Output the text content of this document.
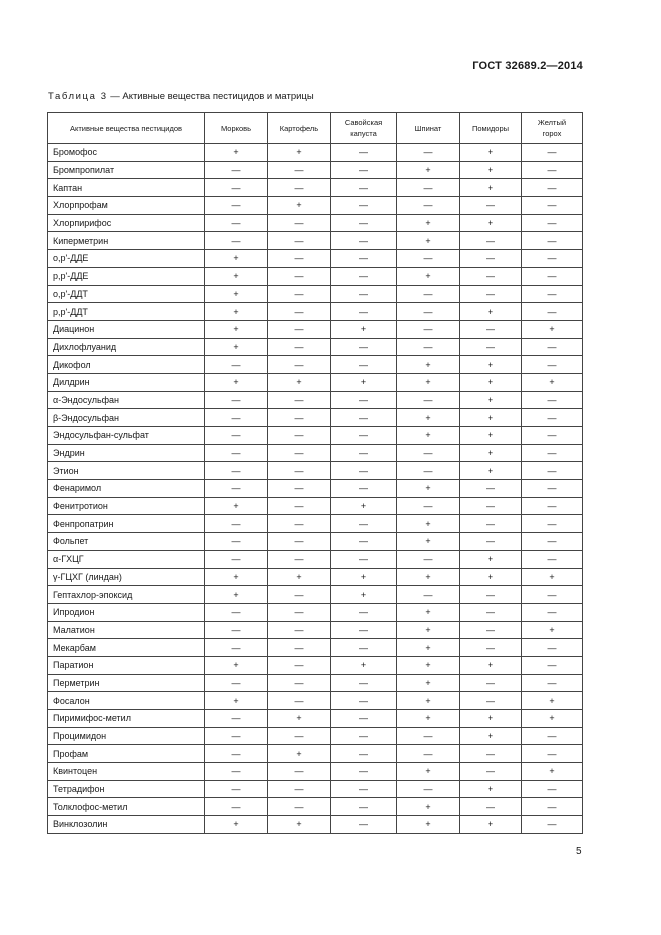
ГОСТ 32689.2—2014
Таблица 3 — Активные вещества пестицидов и матрицы
Активные вещества пестицидов	Морковь	Картофель	Савойская капуста	Шпинат	Помидоры	Желтый горох
Бромофос	+	+	—	—	+	—
Бромпропилат	—	—	—	+	+	—
Каптан	—	—	—	—	+	—
Хлорпрофам	—	+	—	—	—	—
Хлорпирифос	—	—	—	+	+	—
Киперметрин	—	—	—	+	—	—
о,р'-ДДЕ	+	—	—	—	—	—
р,р'-ДДЕ	+	—	—	+	—	—
о,р'-ДДТ	+	—	—	—	—	—
р,р'-ДДТ	+	—	—	—	+	—
Диацинон	+	—	+	—	—	+
Дихлофлуанид	+	—	—	—	—	—
Дикофол	—	—	—	+	+	—
Дилдрин	+	+	+	+	+	+
α-Эндосульфан	—	—	—	—	+	—
β-Эндосульфан	—	—	—	+	+	—
Эндосульфан-сульфат	—	—	—	+	+	—
Эндрин	—	—	—	—	+	—
Этион	—	—	—	—	+	—
Фенаримол	—	—	—	+	—	—
Фенитротион	+	—	+	—	—	—
Фенпропатрин	—	—	—	+	—	—
Фольпет	—	—	—	+	—	—
α-ГХЦГ	—	—	—	—	+	—
γ-ГЦХГ (линдан)	+	+	+	+	+	+
Гептахлор-эпоксид	+	—	+	—	—	—
Ипродион	—	—	—	+	—	—
Малатион	—	—	—	+	—	+
Мекарбам	—	—	—	+	—	—
Паратион	+	—	+	+	+	—
Перметрин	—	—	—	+	—	—
Фосалон	+	—	—	+	—	+
Пиримифос-метил	—	+	—	+	+	+
Процимидон	—	—	—	—	+	—
Профам	—	+	—	—	—	—
Квинтоцен	—	—	—	+	—	+
Тетрадифон	—	—	—	—	+	—
Толклофос-метил	—	—	—	+	—	—
Винклозолин	+	+	—	+	+	—
5
